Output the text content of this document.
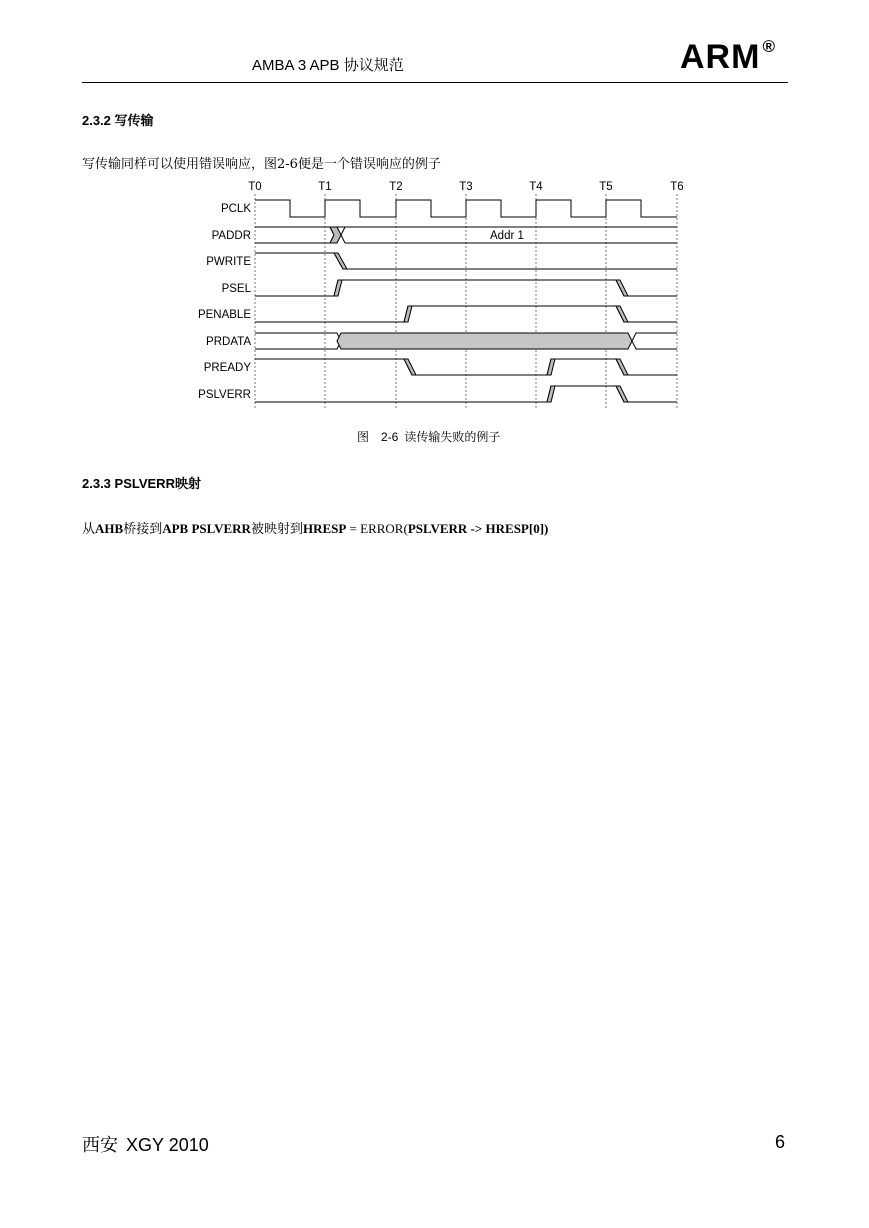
AMBA 3 APB 协议规范	ARM ®
2.3.2 写传输
写传输同样可以使用错误响应，图2-6便是一个错误响应的例子
T0	T1	T2	T3	T4	T5	T6
PCLK
PADDR
PWRITE
PSEL
PENABLE
PRDATA
PREADY
PSLVERR
Addr 1
图 2-6 读传输失败的例子
2.3.3 PSLVERR映射
从AHB桥接到APB PSLVERR被映射到HRESP = ERROR(PSLVERR -> HRESP[0])
西安 XGY 2010	6
